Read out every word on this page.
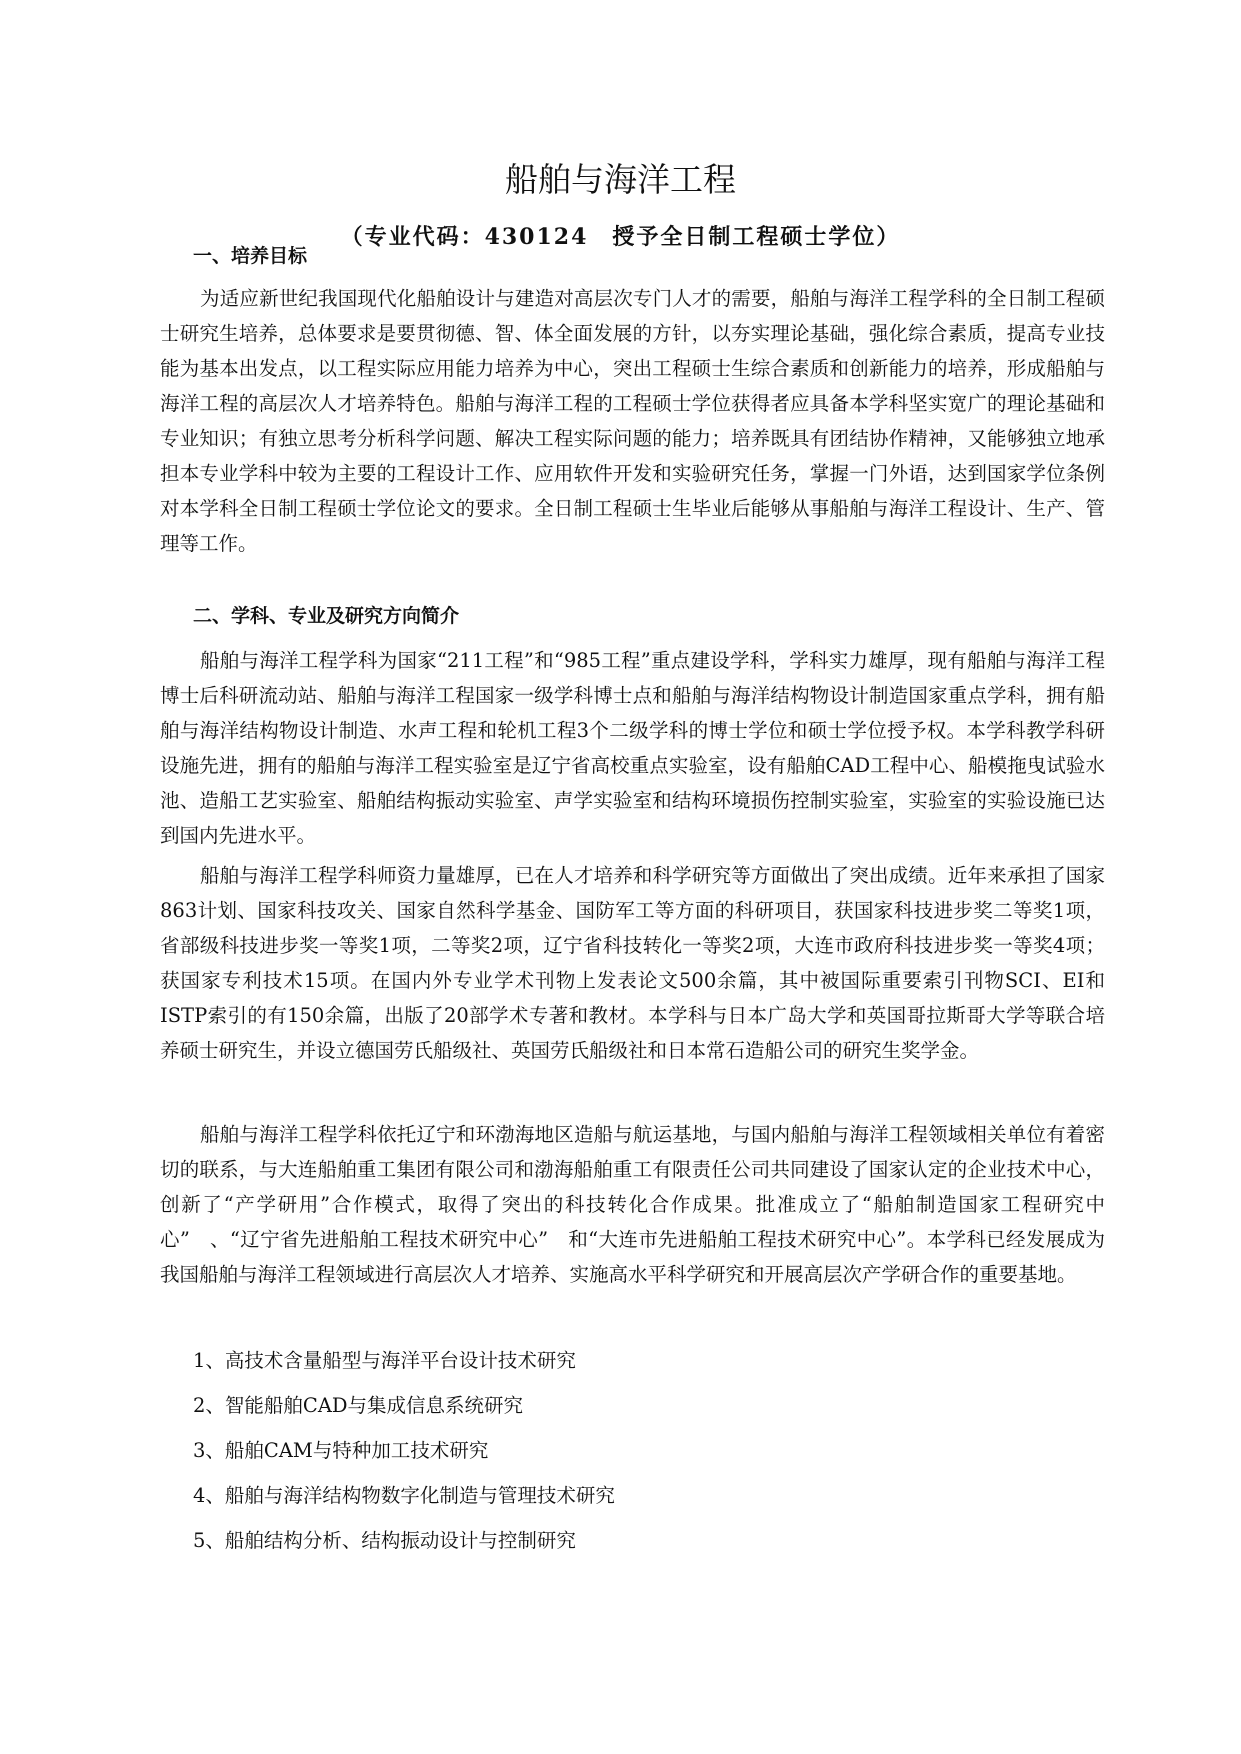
船舶与海洋工程

（专业代码：430124　授予全日制工程硕士学位）

一、培养目标

为适应新世纪我国现代化船舶设计与建造对高层次专门人才的需要，船舶与海洋工程学科的全日制工程硕士研究生培养，总体要求是要贯彻德、智、体全面发展的方针，以夯实理论基础，强化综合素质，提高专业技能为基本出发点，以工程实际应用能力培养为中心，突出工程硕士生综合素质和创新能力的培养，形成船舶与海洋工程的高层次人才培养特色。船舶与海洋工程的工程硕士学位获得者应具备本学科坚实宽广的理论基础和专业知识；有独立思考分析科学问题、解决工程实际问题的能力；培养既具有团结协作精神，又能够独立地承担本专业学科中较为主要的工程设计工作、应用软件开发和实验研究任务，掌握一门外语，达到国家学位条例对本学科全日制工程硕士学位论文的要求。全日制工程硕士生毕业后能够从事船舶与海洋工程设计、生产、管理等工作。

二、学科、专业及研究方向简介

船舶与海洋工程学科为国家“211工程”和“985工程”重点建设学科，学科实力雄厚，现有船舶与海洋工程博士后科研流动站、船舶与海洋工程国家一级学科博士点和船舶与海洋结构物设计制造国家重点学科，拥有船舶与海洋结构物设计制造、水声工程和轮机工程3个二级学科的博士学位和硕士学位授予权。本学科教学科研设施先进，拥有的船舶与海洋工程实验室是辽宁省高校重点实验室，设有船舶CAD工程中心、船模拖曳试验水池、造船工艺实验室、船舶结构振动实验室、声学实验室和结构环境损伤控制实验室，实验室的实验设施已达到国内先进水平。

船舶与海洋工程学科师资力量雄厚，已在人才培养和科学研究等方面做出了突出成绩。近年来承担了国家863计划、国家科技攻关、国家自然科学基金、国防军工等方面的科研项目，获国家科技进步奖二等奖1项，省部级科技进步奖一等奖1项，二等奖2项，辽宁省科技转化一等奖2项，大连市政府科技进步奖一等奖4项；获国家专利技术15项。在国内外专业学术刊物上发表论文500余篇，其中被国际重要索引刊物SCI、EI和ISTP索引的有150余篇，出版了20部学术专著和教材。本学科与日本广岛大学和英国哥拉斯哥大学等联合培养硕士研究生，并设立德国劳氏船级社、英国劳氏船级社和日本常石造船公司的研究生奖学金。

船舶与海洋工程学科依托辽宁和环渤海地区造船与航运基地，与国内船舶与海洋工程领域相关单位有着密切的联系，与大连船舶重工集团有限公司和渤海船舶重工有限责任公司共同建设了国家认定的企业技术中心，创新了“产学研用”合作模式，取得了突出的科技转化合作成果。批准成立了“船舶制造国家工程研究中心”　、“辽宁省先进船舶工程技术研究中心”　和“大连市先进船舶工程技术研究中心”。本学科已经发展成为我国船舶与海洋工程领域进行高层次人才培养、实施高水平科学研究和开展高层次产学研合作的重要基地。

1、高技术含量船型与海洋平台设计技术研究
2、智能船舶CAD与集成信息系统研究
3、船舶CAM与特种加工技术研究
4、船舶与海洋结构物数字化制造与管理技术研究
5、船舶结构分析、结构振动设计与控制研究
